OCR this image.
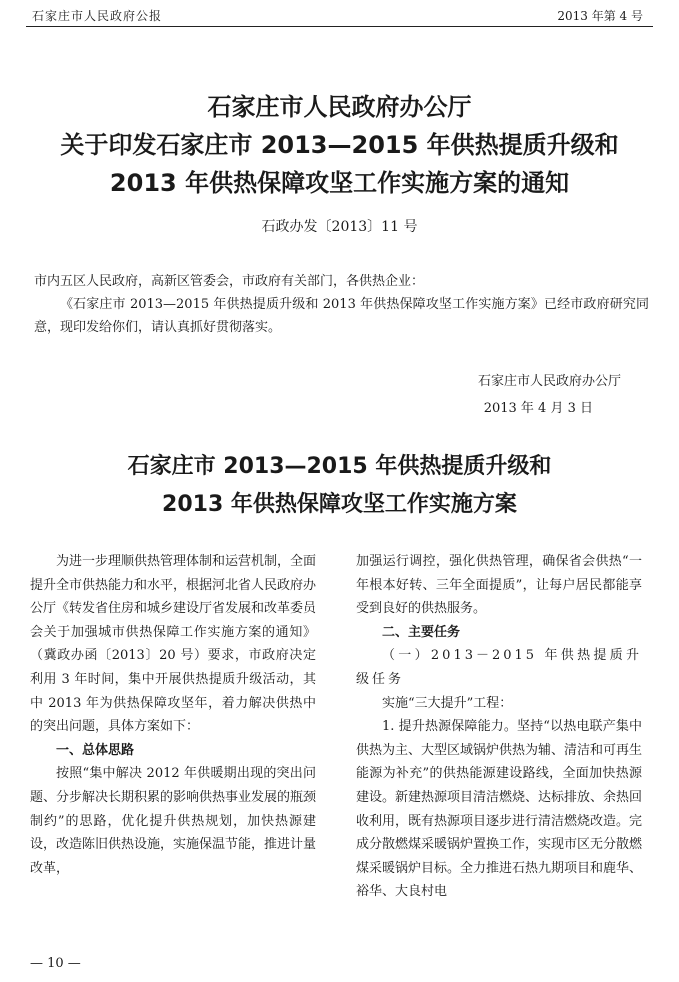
石家庄市人民政府公报	2013 年第 4 号
石家庄市人民政府办公厅
关于印发石家庄市 2013—2015 年供热提质升级和
2013 年供热保障攻坚工作实施方案的通知
石政办发〔2013〕11 号
市内五区人民政府，高新区管委会，市政府有关部门，各供热企业：
《石家庄市 2013—2015 年供热提质升级和 2013 年供热保障攻坚工作实施方案》已经市政府研究同意，现印发给你们，请认真抓好贯彻落实。
石家庄市人民政府办公厅
2013 年 4 月 3 日
石家庄市 2013—2015 年供热提质升级和
2013 年供热保障攻坚工作实施方案

为进一步理顺供热管理体制和运营机制，全面提升全市供热能力和水平，根据河北省人民政府办公厅《转发省住房和城乡建设厅省发展和改革委员会关于加强城市供热保障工作实施方案的通知》（冀政办函〔2013〕20 号）要求，市政府决定利用 3 年时间，集中开展供热提质升级活动，其中 2013 年为供热保障攻坚年，着力解决供热中的突出问题，具体方案如下：

一、总体思路

按照“集中解决 2012 年供暖期出现的突出问题、分步解决长期积累的影响供热事业发展的瓶颈制约”的思路，优化提升供热规划，加快热源建设，改造陈旧供热设施，实施保温节能，推进计量改革，

加强运行调控，强化供热管理，确保省会供热“一年根本好转、三年全面提质”，让每户居民都能享受到良好的供热服务。

二、主要任务

（一）2013－2015 年供热提质升级任务

实施“三大提升”工程：

1. 提升热源保障能力。坚持“以热电联产集中供热为主、大型区域锅炉供热为辅、清洁和可再生能源为补充”的供热能源建设路线，全面加快热源建设。新建热源项目清洁燃烧、达标排放、余热回收利用，既有热源项目逐步进行清洁燃烧改造。完成分散燃煤采暖锅炉置换工作，实现市区无分散燃煤采暖锅炉目标。全力推进石热九期项目和鹿华、裕华、大良村电

— 10 —
